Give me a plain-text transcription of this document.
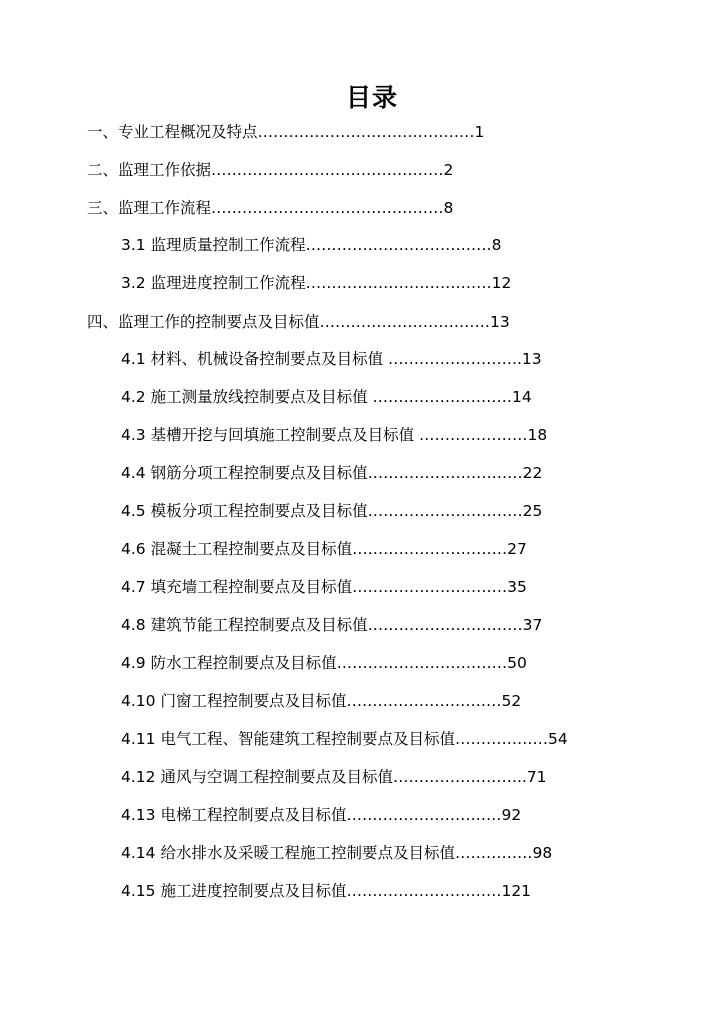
目录
一、专业工程概况及特点……………………………………1
二、监理工作依据………………………………………2
三、监理工作流程………………………………………8
3.1 监理质量控制工作流程………………………………8
3.2 监理进度控制工作流程………………………………12
四、监理工作的控制要点及目标值……………………………13
4.1 材料、机械设备控制要点及目标值 ……………………..13
4.2 施工测量放线控制要点及目标值 ………………………14
4.3 基槽开挖与回填施工控制要点及目标值 …………………18
4.4 钢筋分项工程控制要点及目标值…………………………22
4.5 模板分项工程控制要点及目标值…………………………25
4.6 混凝土工程控制要点及目标值…………………………27
4.7 填充墙工程控制要点及目标值…………………………35
4.8 建筑节能工程控制要点及目标值…………………………37
4.9 防水工程控制要点及目标值……………………………50
4.10 门窗工程控制要点及目标值…………………………52
4.11 电气工程、智能建筑工程控制要点及目标值………………54
4.12 通风与空调工程控制要点及目标值……………………..71
4.13 电梯工程控制要点及目标值…………………………92
4.14 给水排水及采暖工程施工控制要点及目标值……………98
4.15 施工进度控制要点及目标值…………………………121
